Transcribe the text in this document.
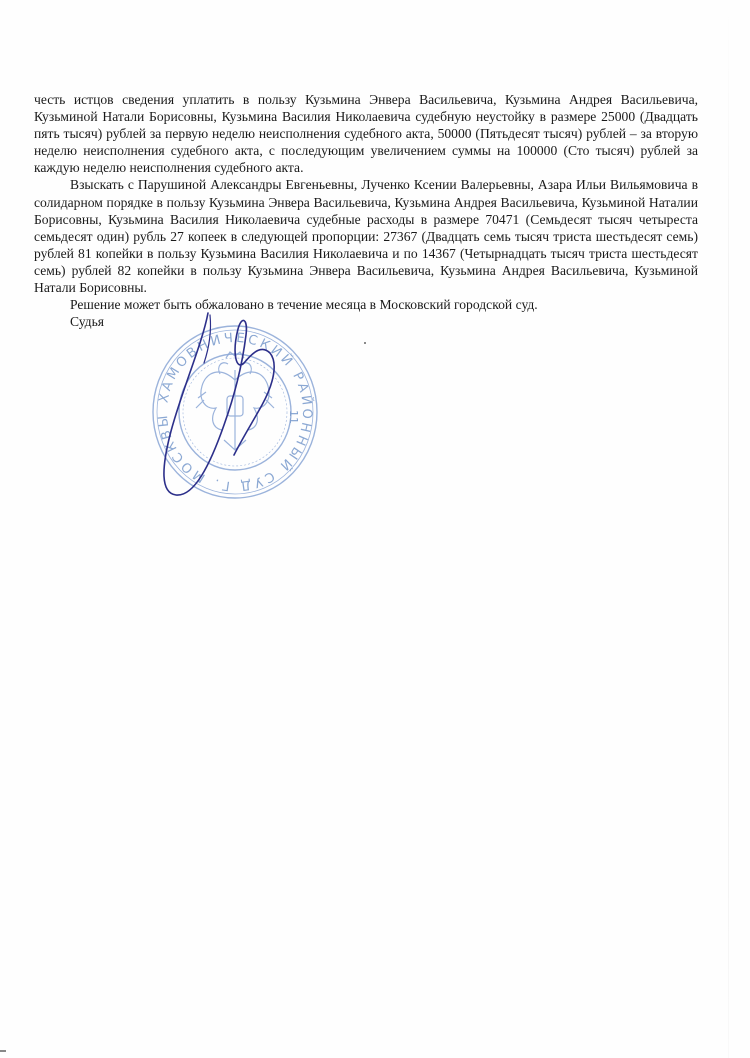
честь истцов сведения уплатить в пользу Кузьмина Энвера Васильевича, Кузьмина Андрея Васильевича, Кузьминой Натали Борисовны, Кузьмина Василия Николаевича судебную неустойку в размере 25000 (Двадцать пять тысяч) рублей за первую неделю неисполнения судебного акта, 50000 (Пятьдесят тысяч) рублей – за вторую неделю неисполнения судебного акта, с последующим увеличением суммы на 100000 (Сто тысяч) рублей за каждую неделю неисполнения судебного акта.

Взыскать с Парушиной Александры Евгеньевны, Лученко Ксении Валерьевны, Азара Ильи Вильямовича в солидарном порядке в пользу Кузьмина Энвера Васильевича, Кузьмина Андрея Васильевича, Кузьминой Наталии Борисовны, Кузьмина Василия Николаевича судебные расходы в размере 70471 (Семьдесят тысяч четыреста семьдесят один) рубль 27 копеек в следующей пропорции: 27367 (Двадцать семь тысяч триста шестьдесят семь) рублей 81 копейки в пользу Кузьмина Василия Николаевича и по 14367 (Четырнадцать тысяч триста шестьдесят семь) рублей 82 копейки в пользу Кузьмина Энвера Васильевича, Кузьмина Андрея Васильевича, Кузьминой Натали Борисовны.

Решение может быть обжаловано в течение месяца в Московский городской суд.

Судья

ХАМОВНИЧЕСКИЙ РАЙОННЫЙ СУД Г. МОСКВЫ	11
